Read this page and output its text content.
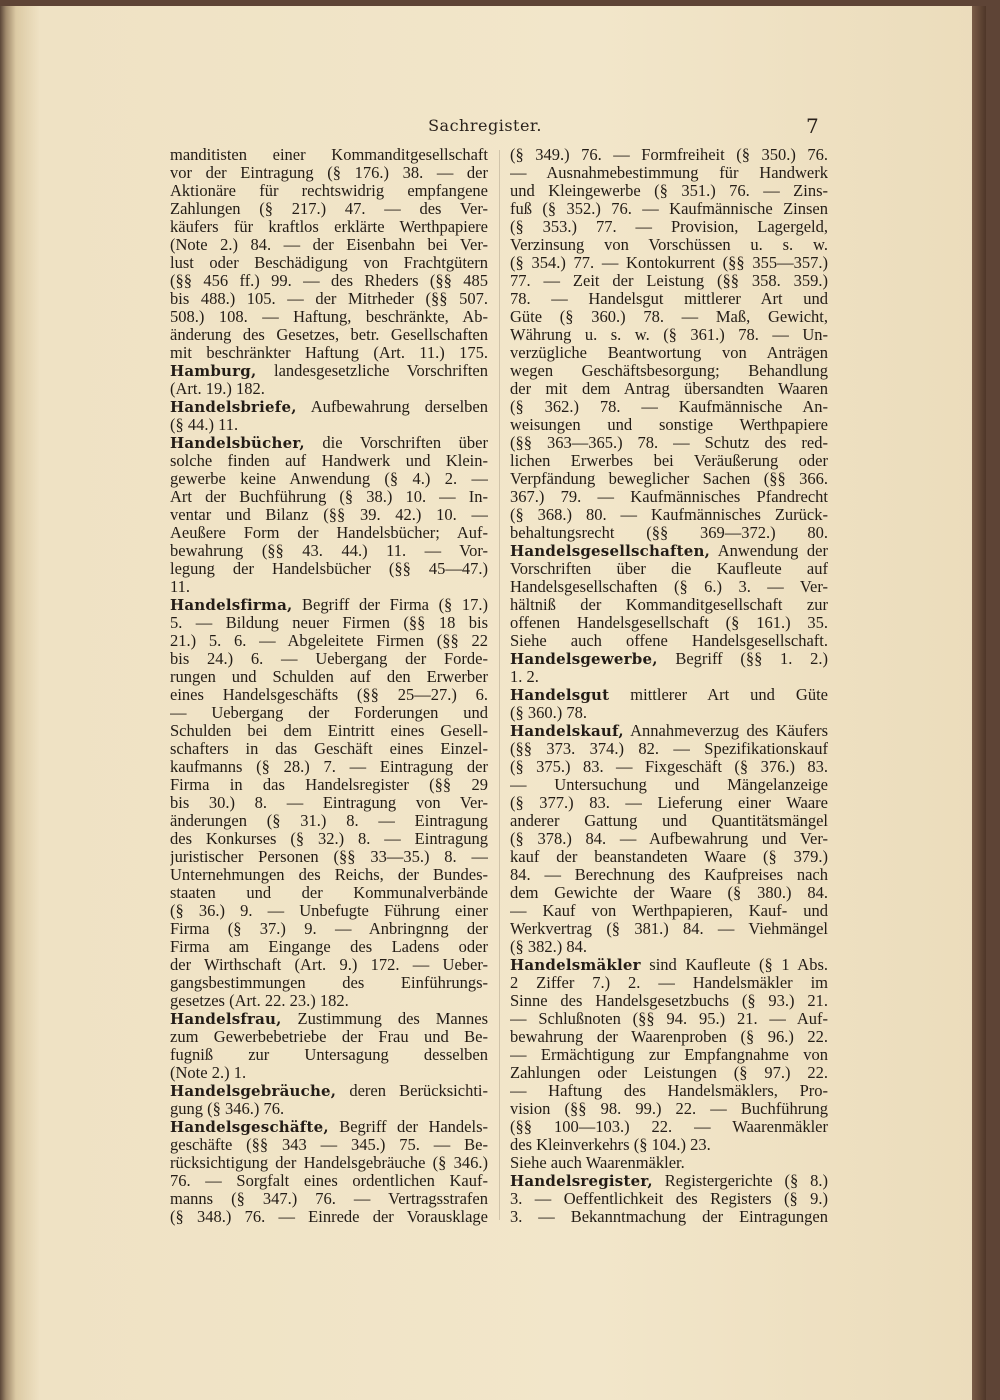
Sachregister.	7
manditisten einer Kommanditgesellschaft
vor der Eintragung (§ 176.) 38. — der
Aktionäre für rechtswidrig empfangene
Zahlungen (§ 217.) 47. — des Ver-
käufers für kraftlos erklärte Werthpapiere
(Note 2.) 84. — der Eisenbahn bei Ver-
lust oder Beschädigung von Frachtgütern
(§§ 456 ff.) 99. — des Rheders (§§ 485
bis 488.) 105. — der Mitrheder (§§ 507.
508.) 108. — Haftung, beschränkte, Ab-
änderung des Gesetzes, betr. Gesellschaften
mit beschränkter Haftung (Art. 11.) 175.
Hamburg, landesgesetzliche Vorschriften
(Art. 19.) 182.
Handelsbriefe, Aufbewahrung derselben
(§ 44.) 11.
Handelsbücher, die Vorschriften über
solche finden auf Handwerk und Klein-
gewerbe keine Anwendung (§ 4.) 2. —
Art der Buchführung (§ 38.) 10. — In-
ventar und Bilanz (§§ 39. 42.) 10. —
Aeußere Form der Handelsbücher; Auf-
bewahrung (§§ 43. 44.) 11. — Vor-
legung der Handelsbücher (§§ 45—47.)
11.
Handelsfirma, Begriff der Firma (§ 17.)
5. — Bildung neuer Firmen (§§ 18 bis
21.) 5. 6. — Abgeleitete Firmen (§§ 22
bis 24.) 6. — Uebergang der Forde-
rungen und Schulden auf den Erwerber
eines Handelsgeschäfts (§§ 25—27.) 6.
— Uebergang der Forderungen und
Schulden bei dem Eintritt eines Gesell-
schafters in das Geschäft eines Einzel-
kaufmanns (§ 28.) 7. — Eintragung der
Firma in das Handelsregister (§§ 29
bis 30.) 8. — Eintragung von Ver-
änderungen (§ 31.) 8. — Eintragung
des Konkurses (§ 32.) 8. — Eintragung
juristischer Personen (§§ 33—35.) 8. —
Unternehmungen des Reichs, der Bundes-
staaten und der Kommunalverbände
(§ 36.) 9. — Unbefugte Führung einer
Firma (§ 37.) 9. — Anbringnng der
Firma am Eingange des Ladens oder
der Wirthschaft (Art. 9.) 172. — Ueber-
gangsbestimmungen des Einführungs-
gesetzes (Art. 22. 23.) 182.
Handelsfrau, Zustimmung des Mannes
zum Gewerbebetriebe der Frau und Be-
fugniß zur Untersagung desselben
(Note 2.) 1.
Handelsgebräuche, deren Berücksichti-
gung (§ 346.) 76.
Handelsgeschäfte, Begriff der Handels-
geschäfte (§§ 343 — 345.) 75. — Be-
rücksichtigung der Handelsgebräuche (§ 346.)
76. — Sorgfalt eines ordentlichen Kauf-
manns (§ 347.) 76. — Vertragsstrafen
(§ 348.) 76. — Einrede der Vorausklage
(§ 349.) 76. — Formfreiheit (§ 350.) 76.
— Ausnahmebestimmung für Handwerk
und Kleingewerbe (§ 351.) 76. — Zins-
fuß (§ 352.) 76. — Kaufmännische Zinsen
(§ 353.) 77. — Provision, Lagergeld,
Verzinsung von Vorschüssen u. s. w.
(§ 354.) 77. — Kontokurrent (§§ 355—357.)
77. — Zeit der Leistung (§§ 358. 359.)
78. — Handelsgut mittlerer Art und
Güte (§ 360.) 78. — Maß, Gewicht,
Währung u. s. w. (§ 361.) 78. — Un-
verzügliche Beantwortung von Anträgen
wegen Geschäftsbesorgung; Behandlung
der mit dem Antrag übersandten Waaren
(§ 362.) 78. — Kaufmännische An-
weisungen und sonstige Werthpapiere
(§§ 363—365.) 78. — Schutz des red-
lichen Erwerbes bei Veräußerung oder
Verpfändung beweglicher Sachen (§§ 366.
367.) 79. — Kaufmännisches Pfandrecht
(§ 368.) 80. — Kaufmännisches Zurück-
behaltungsrecht (§§ 369—372.) 80.
Handelsgesellschaften, Anwendung der
Vorschriften über die Kaufleute auf
Handelsgesellschaften (§ 6.) 3. — Ver-
hältniß der Kommanditgesellschaft zur
offenen Handelsgesellschaft (§ 161.) 35.
Siehe auch offene Handelsgesellschaft.
Handelsgewerbe, Begriff (§§ 1. 2.)
1. 2.
Handelsgut mittlerer Art und Güte
(§ 360.) 78.
Handelskauf, Annahmeverzug des Käufers
(§§ 373. 374.) 82. — Spezifikationskauf
(§ 375.) 83. — Fixgeschäft (§ 376.) 83.
— Untersuchung und Mängelanzeige
(§ 377.) 83. — Lieferung einer Waare
anderer Gattung und Quantitätsmängel
(§ 378.) 84. — Aufbewahrung und Ver-
kauf der beanstandeten Waare (§ 379.)
84. — Berechnung des Kaufpreises nach
dem Gewichte der Waare (§ 380.) 84.
— Kauf von Werthpapieren, Kauf- und
Werkvertrag (§ 381.) 84. — Viehmängel
(§ 382.) 84.
Handelsmäkler sind Kaufleute (§ 1 Abs.
2 Ziffer 7.) 2. — Handelsmäkler im
Sinne des Handelsgesetzbuchs (§ 93.) 21.
— Schlußnoten (§§ 94. 95.) 21. — Auf-
bewahrung der Waarenproben (§ 96.) 22.
— Ermächtigung zur Empfangnahme von
Zahlungen oder Leistungen (§ 97.) 22.
— Haftung des Handelsmäklers, Pro-
vision (§§ 98. 99.) 22. — Buchführung
(§§ 100—103.) 22. — Waarenmäkler
des Kleinverkehrs (§ 104.) 23.
Siehe auch Waarenmäkler.
Handelsregister, Registergerichte (§ 8.)
3. — Oeffentlichkeit des Registers (§ 9.)
3. — Bekanntmachung der Eintragungen
